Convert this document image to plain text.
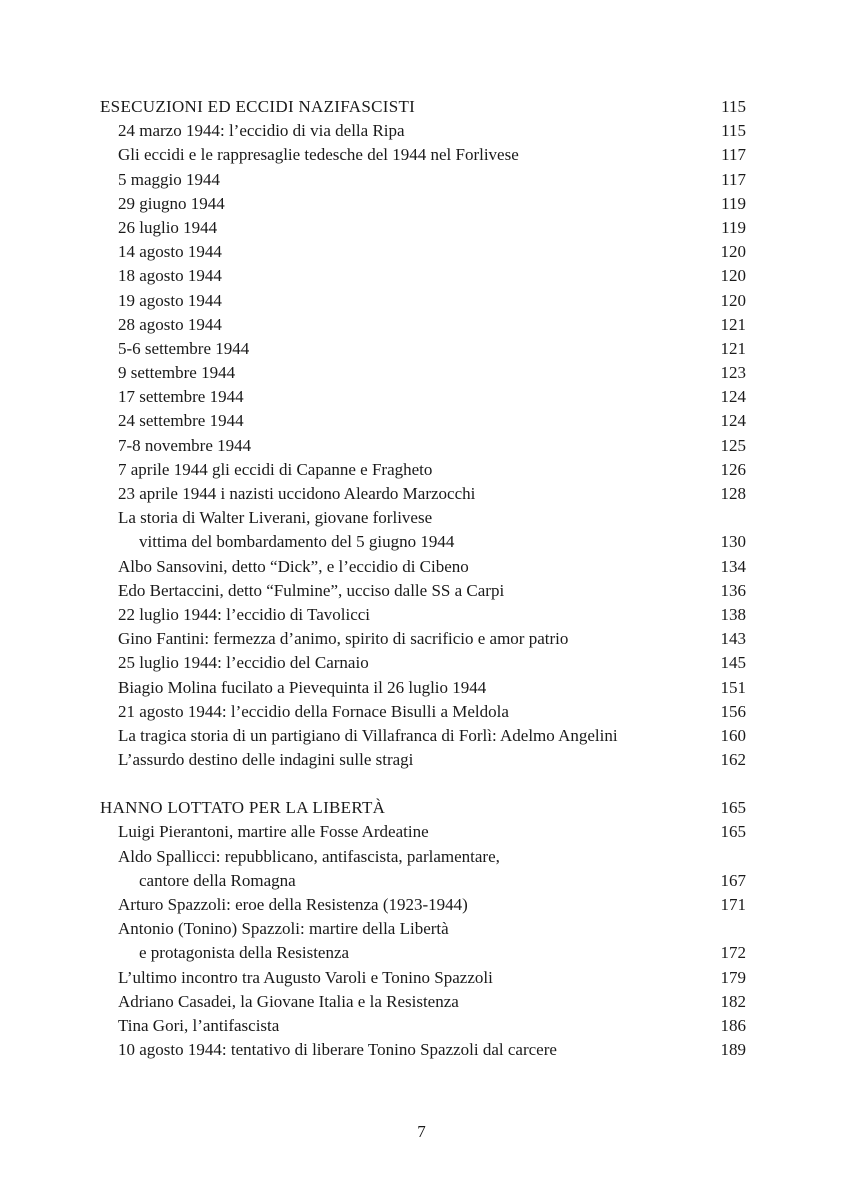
ESECUZIONI ED ECCIDI NAZIFASCISTI	115
24 marzo 1944: l’eccidio di via della Ripa	115
Gli eccidi e le rappresaglie tedesche del 1944 nel Forlivese	117
5 maggio 1944	117
29 giugno 1944	119
26 luglio 1944	119
14 agosto 1944	120
18 agosto 1944	120
19 agosto 1944	120
28 agosto 1944	121
5-6 settembre 1944	121
9 settembre 1944	123
17 settembre 1944	124
24 settembre 1944	124
7-8 novembre 1944	125
7 aprile 1944 gli eccidi di Capanne e Fragheto	126
23 aprile 1944 i nazisti uccidono Aleardo Marzocchi	128
La storia di Walter Liverani, giovane forlivese
vittima del bombardamento del 5 giugno 1944	130
Albo Sansovini, detto “Dick”, e l’eccidio di Cibeno	134
Edo Bertaccini, detto “Fulmine”, ucciso dalle SS a Carpi	136
22 luglio 1944: l’eccidio di Tavolicci	138
Gino Fantini: fermezza d’animo, spirito di sacrificio e amor patrio	143
25 luglio 1944: l’eccidio del Carnaio	145
Biagio Molina fucilato a Pievequinta il 26 luglio 1944	151
21 agosto 1944: l’eccidio della Fornace Bisulli a Meldola	156
La tragica storia di un partigiano di Villafranca di Forlì: Adelmo Angelini	160
L’assurdo destino delle indagini sulle stragi	162
HANNO LOTTATO PER LA LIBERTÀ	165
Luigi Pierantoni, martire alle Fosse Ardeatine	165
Aldo Spallicci: repubblicano, antifascista, parlamentare,
cantore della Romagna	167
Arturo Spazzoli: eroe della Resistenza (1923-1944)	171
Antonio (Tonino) Spazzoli: martire della Libertà
e protagonista della Resistenza	172
L’ultimo incontro tra Augusto Varoli e Tonino Spazzoli	179
Adriano Casadei, la Giovane Italia e la Resistenza	182
Tina Gori, l’antifascista	186
10 agosto 1944: tentativo di liberare Tonino Spazzoli dal carcere	189
7
